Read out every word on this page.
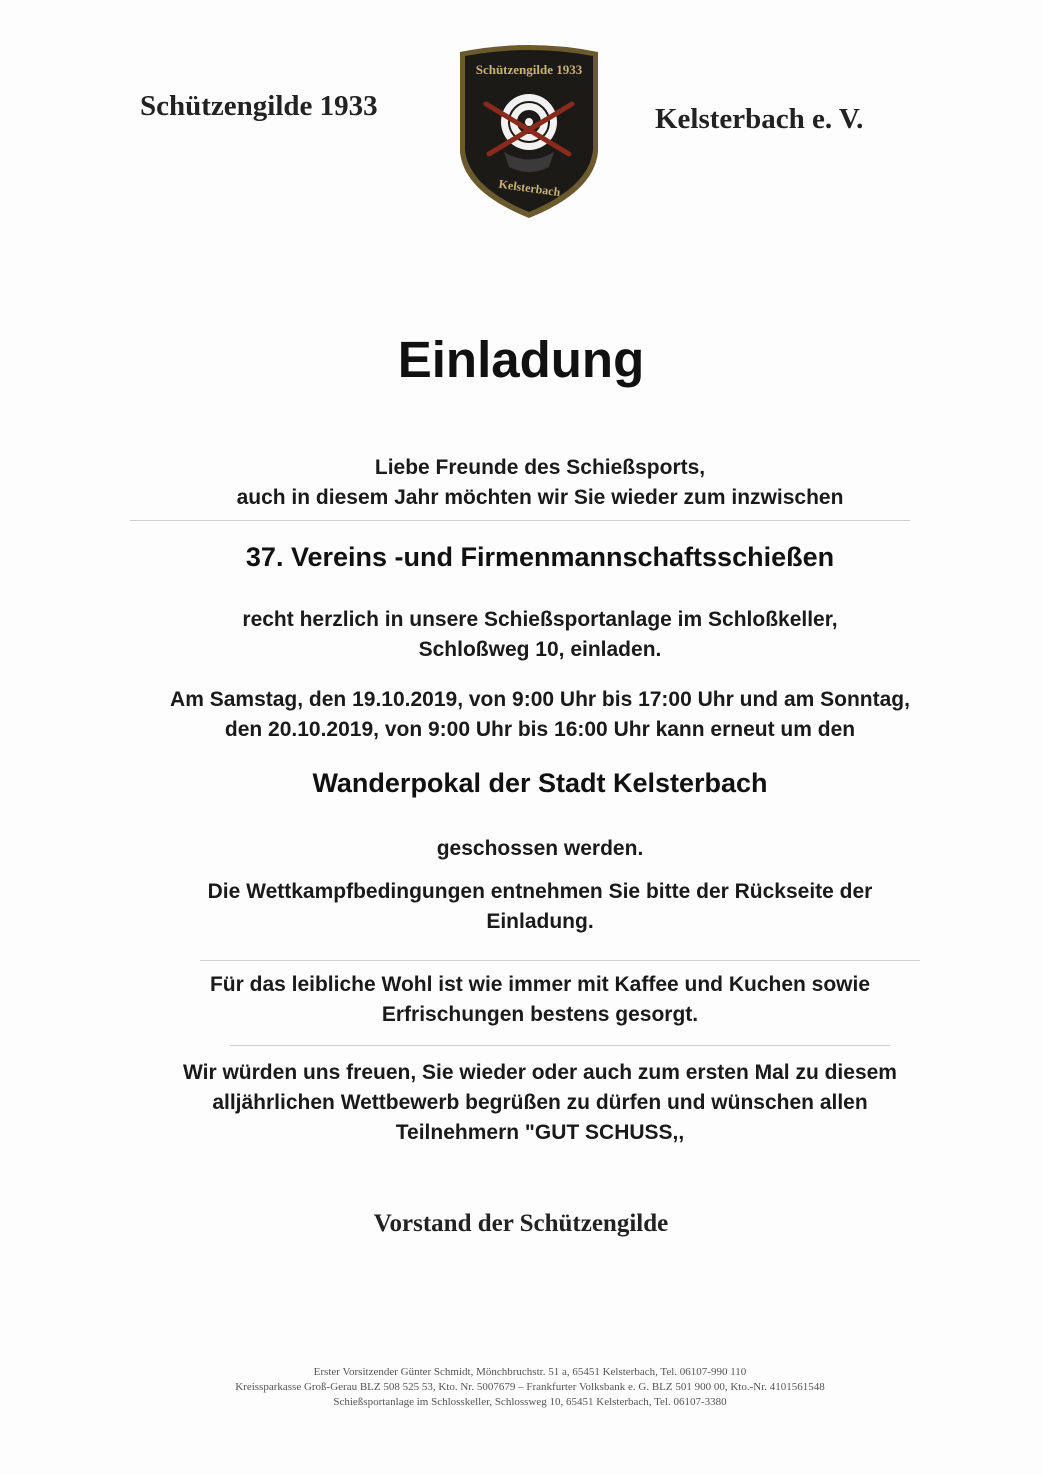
Schützengilde 1933	Kelsterbach e. V.
Schützengilde 1933
Kelsterbach
Einladung
Liebe Freunde des Schießsports,
auch in diesem Jahr möchten wir Sie wieder zum inzwischen
37. Vereins -und Firmenmannschaftsschießen
recht herzlich in unsere Schießsportanlage im Schloßkeller,
Schloßweg 10, einladen.
Am Samstag, den 19.10.2019, von 9:00 Uhr bis 17:00 Uhr und am Sonntag,
den 20.10.2019, von 9:00 Uhr bis 16:00 Uhr kann erneut um den
Wanderpokal der Stadt Kelsterbach
geschossen werden.
Die Wettkampfbedingungen entnehmen Sie bitte der Rückseite der
Einladung.
Für das leibliche Wohl ist wie immer mit Kaffee und Kuchen sowie
Erfrischungen bestens gesorgt.
Wir würden uns freuen, Sie wieder oder auch zum ersten Mal zu diesem
alljährlichen Wettbewerb begrüßen zu dürfen und wünschen allen
Teilnehmern "GUT SCHUSS,,
Vorstand der Schützengilde
Erster Vorsitzender Günter Schmidt, Mönchbruchstr. 51 a, 65451 Kelsterbach, Tel. 06107-990 110
Kreissparkasse Groß-Gerau BLZ 508 525 53, Kto. Nr. 5007679 – Frankfurter Volksbank e. G. BLZ 501 900 00, Kto.-Nr. 4101561548
Schießsportanlage im Schlosskeller, Schlossweg 10, 65451 Kelsterbach, Tel. 06107-3380
